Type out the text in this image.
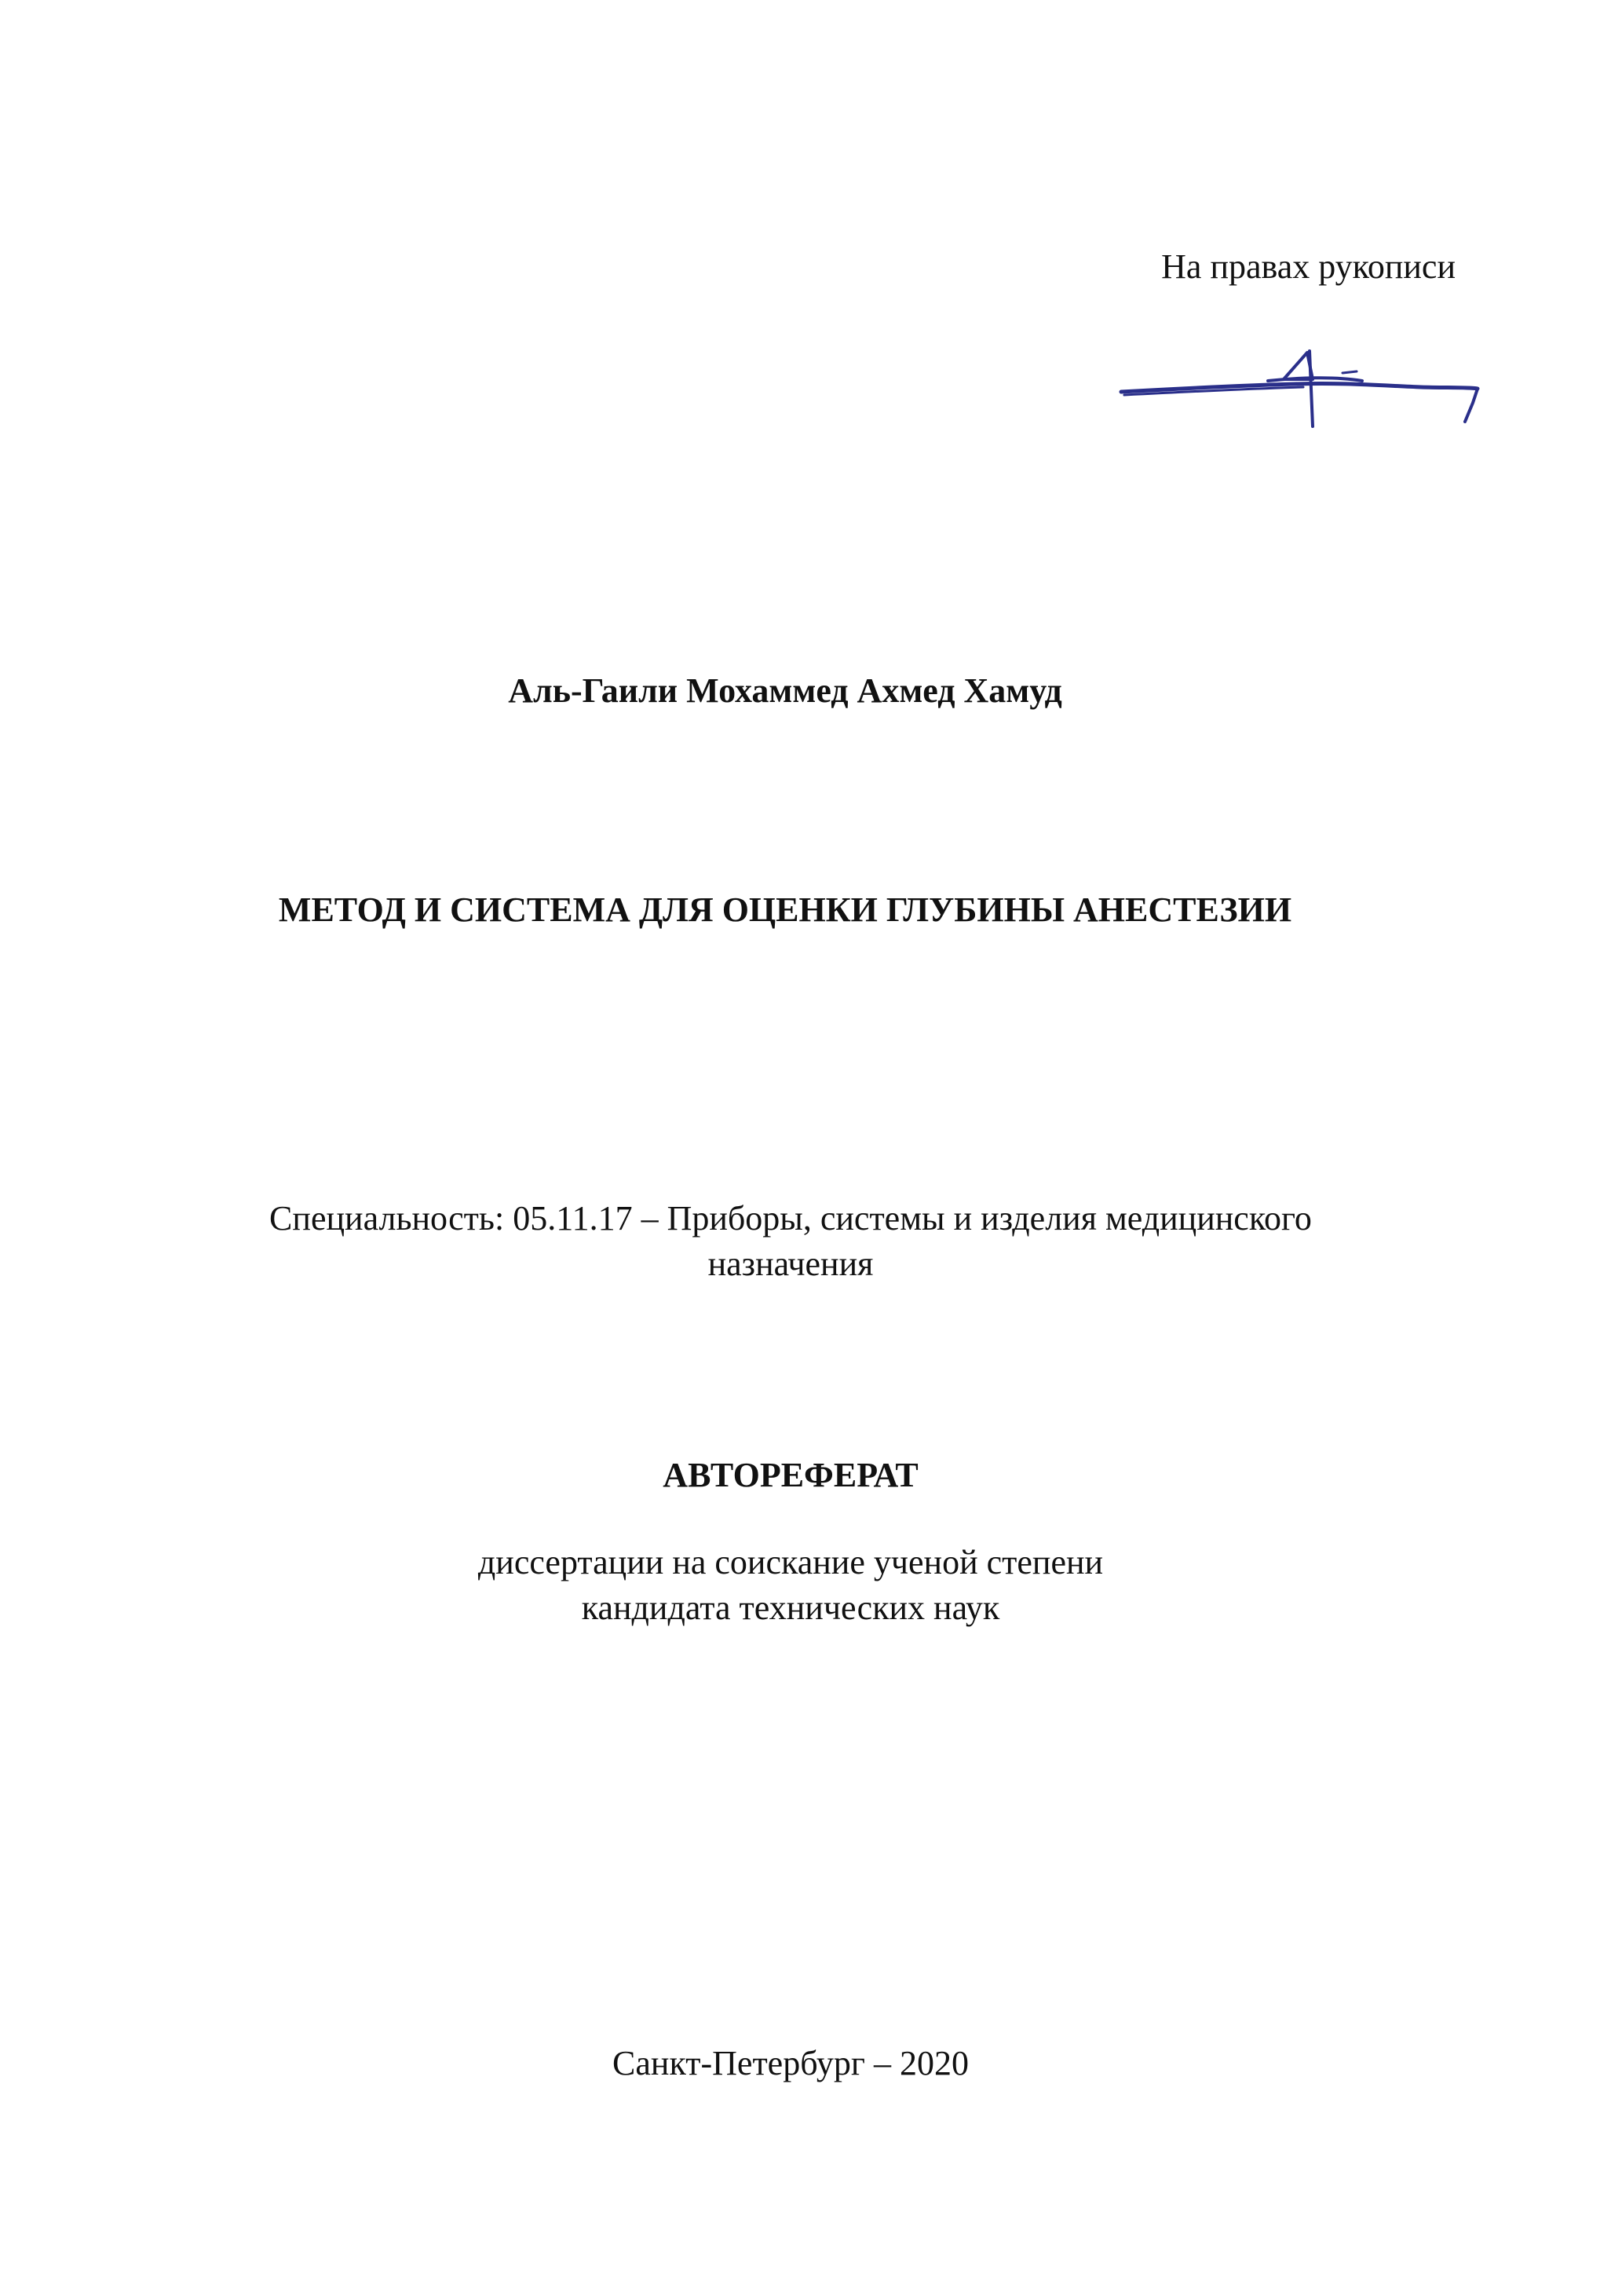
На правах рукописи
Аль-Гаили Мохаммед Ахмед Хамуд
МЕТОД И СИСТЕМА ДЛЯ ОЦЕНКИ ГЛУБИНЫ АНЕСТЕЗИИ
Специальность: 05.11.17 – Приборы, системы и изделия медицинского
назначения
АВТОРЕФЕРАТ
диссертации на соискание ученой степени
кандидата технических наук
Санкт-Петербург – 2020
